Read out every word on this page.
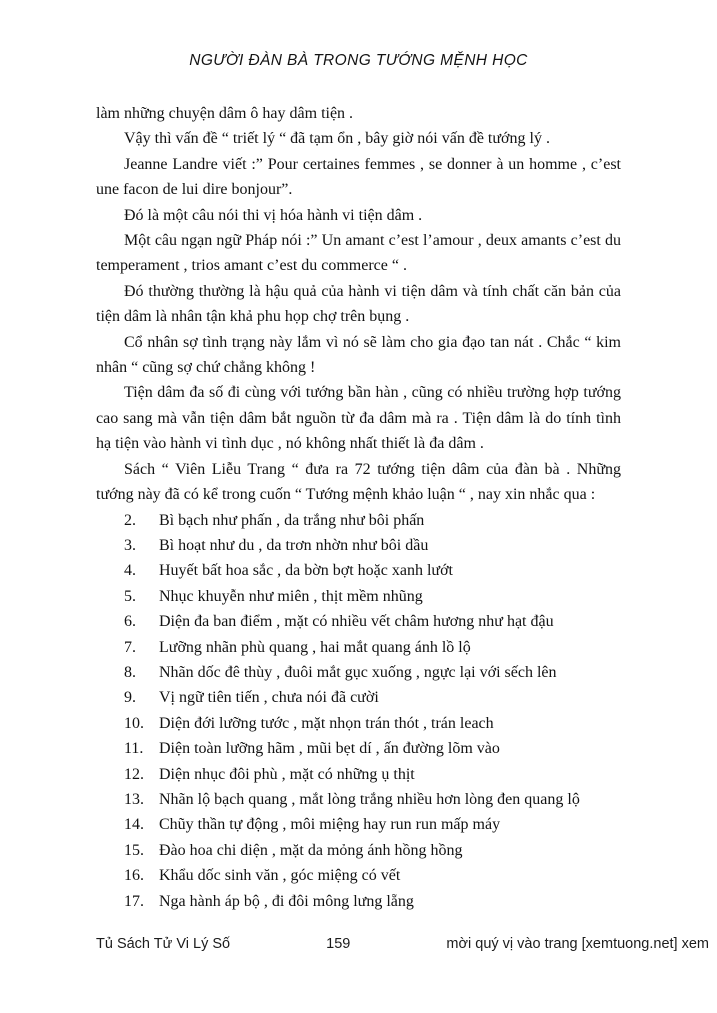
NGƯỜI ĐÀN BÀ TRONG TƯỚNG MỆNH HỌC

làm những chuyện dâm ô hay dâm tiện .

Vậy thì vấn đề “ triết lý “ đã tạm ổn , bây giờ nói vấn đề tướng lý .

Jeanne Landre viết :” Pour certaines femmes , se donner à un homme , c’est une facon de lui dire bonjour”.

Đó là một câu nói thi vị hóa hành vi tiện dâm .

Một câu ngạn ngữ Pháp nói :” Un amant c’est l’amour , deux amants c’est du temperament , trios amant c’est du commerce “ .

Đó thường thường là hậu quả của hành vi tiện dâm và tính chất căn bản của tiện dâm là nhân tận khả phu họp chợ trên bụng .

Cổ nhân sợ tình trạng này lắm vì nó sẽ làm cho gia đạo tan nát . Chắc “ kim nhân “ cũng sợ chứ chẳng không !

Tiện dâm đa số đi cùng với tướng bần hàn , cũng có nhiều trường hợp tướng cao sang mà vẫn tiện dâm bắt nguồn từ đa dâm mà ra . Tiện dâm là do tính tình hạ tiện vào hành vi tình dục , nó không nhất thiết là đa dâm .

Sách “ Viên Liễu Trang “ đưa ra 72 tướng tiện dâm của đàn bà . Những tướng này đã có kể trong cuốn “ Tướng mệnh khảo luận “ , nay xin nhắc qua :

2.	Bì bạch như phấn , da trắng như bôi phấn
3.	Bì hoạt như du , da trơn nhờn như bôi dầu
4.	Huyết bất hoa sắc , da bờn bợt hoặc xanh lướt
5.	Nhục khuyễn như miên , thịt mềm nhũng
6.	Diện đa ban điểm , mặt có nhiều vết châm hương như hạt đậu
7.	Lưỡng nhãn phù quang , hai mắt quang ánh lồ lộ
8.	Nhãn dốc đê thùy , đuôi mắt gục xuống , ngực lại với sếch lên
9.	Vị ngữ tiên tiến , chưa nói đã cười
10. Diện đới lưỡng tước , mặt nhọn trán thót , trán leach
11. Diện toàn lưỡng hãm , mũi bẹt dí , ấn đường lõm vào
12. Diện nhục đôi phù , mặt có những ụ thịt
13. Nhãn lộ bạch quang , mắt lòng trắng nhiều hơn lòng đen quang lộ
14. Chũy thần tự động , môi miệng hay run run mấp máy
15. Đào hoa chi diện , mặt da mỏng ánh hồng hồng
16. Khẩu dốc sinh văn , góc miệng có vết
17. Nga hành áp bộ , đi đôi mông lưng lẵng
Tủ Sách Tử Vi Lý Số	159	mời quý vị vào trang [xemtuong.net] xem
